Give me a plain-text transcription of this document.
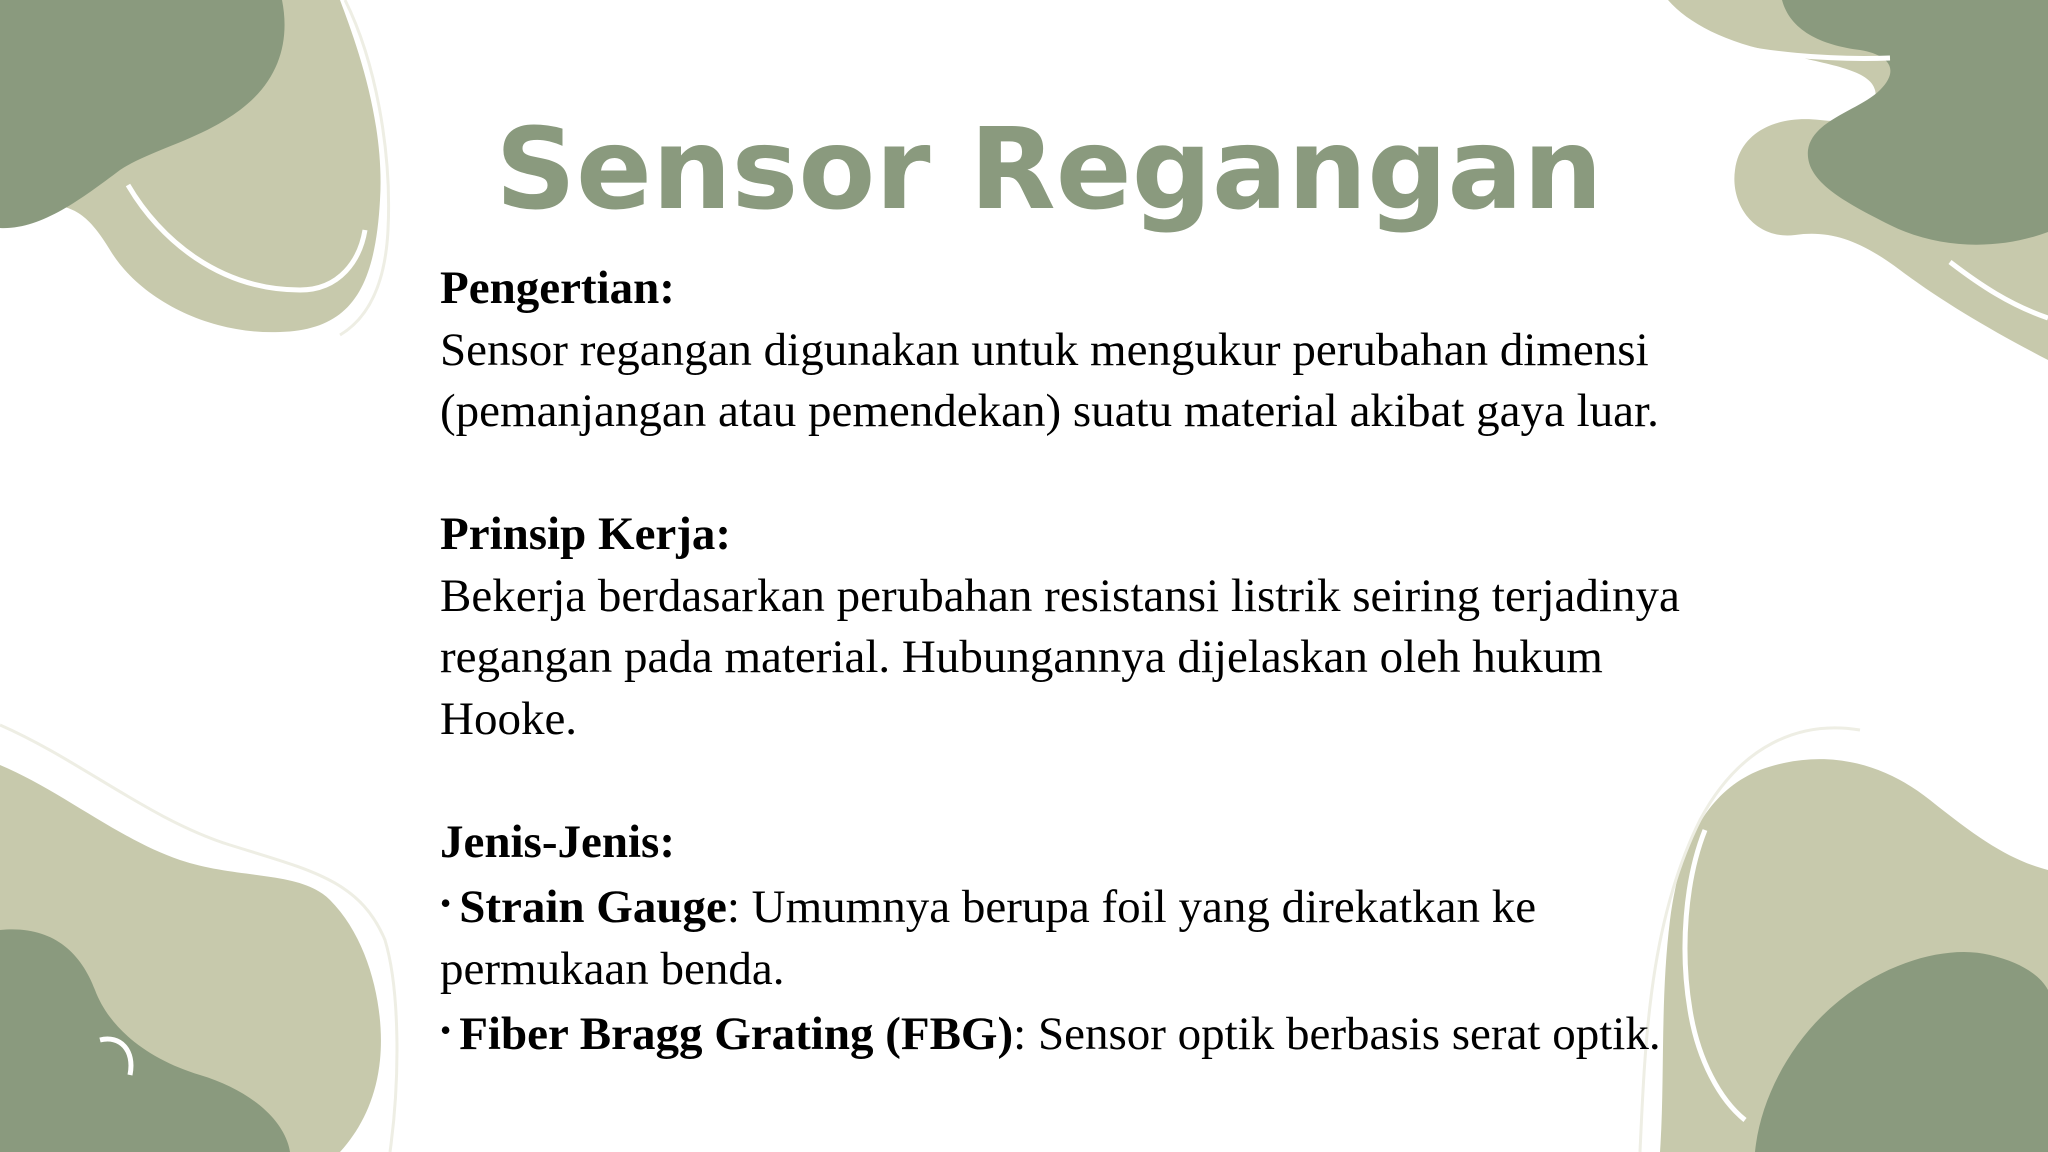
Sensor Regangan

Pengertian:

Sensor regangan digunakan untuk mengukur perubahan dimensi

(pemanjangan atau pemendekan) suatu material akibat gaya luar.

Prinsip Kerja:

Bekerja berdasarkan perubahan resistansi listrik seiring terjadinya

regangan pada material. Hubungannya dijelaskan oleh hukum

Hooke.

Jenis-Jenis:

• Strain Gauge: Umumnya berupa foil yang direkatkan ke

permukaan benda.

• Fiber Bragg Grating (FBG): Sensor optik berbasis serat optik.
